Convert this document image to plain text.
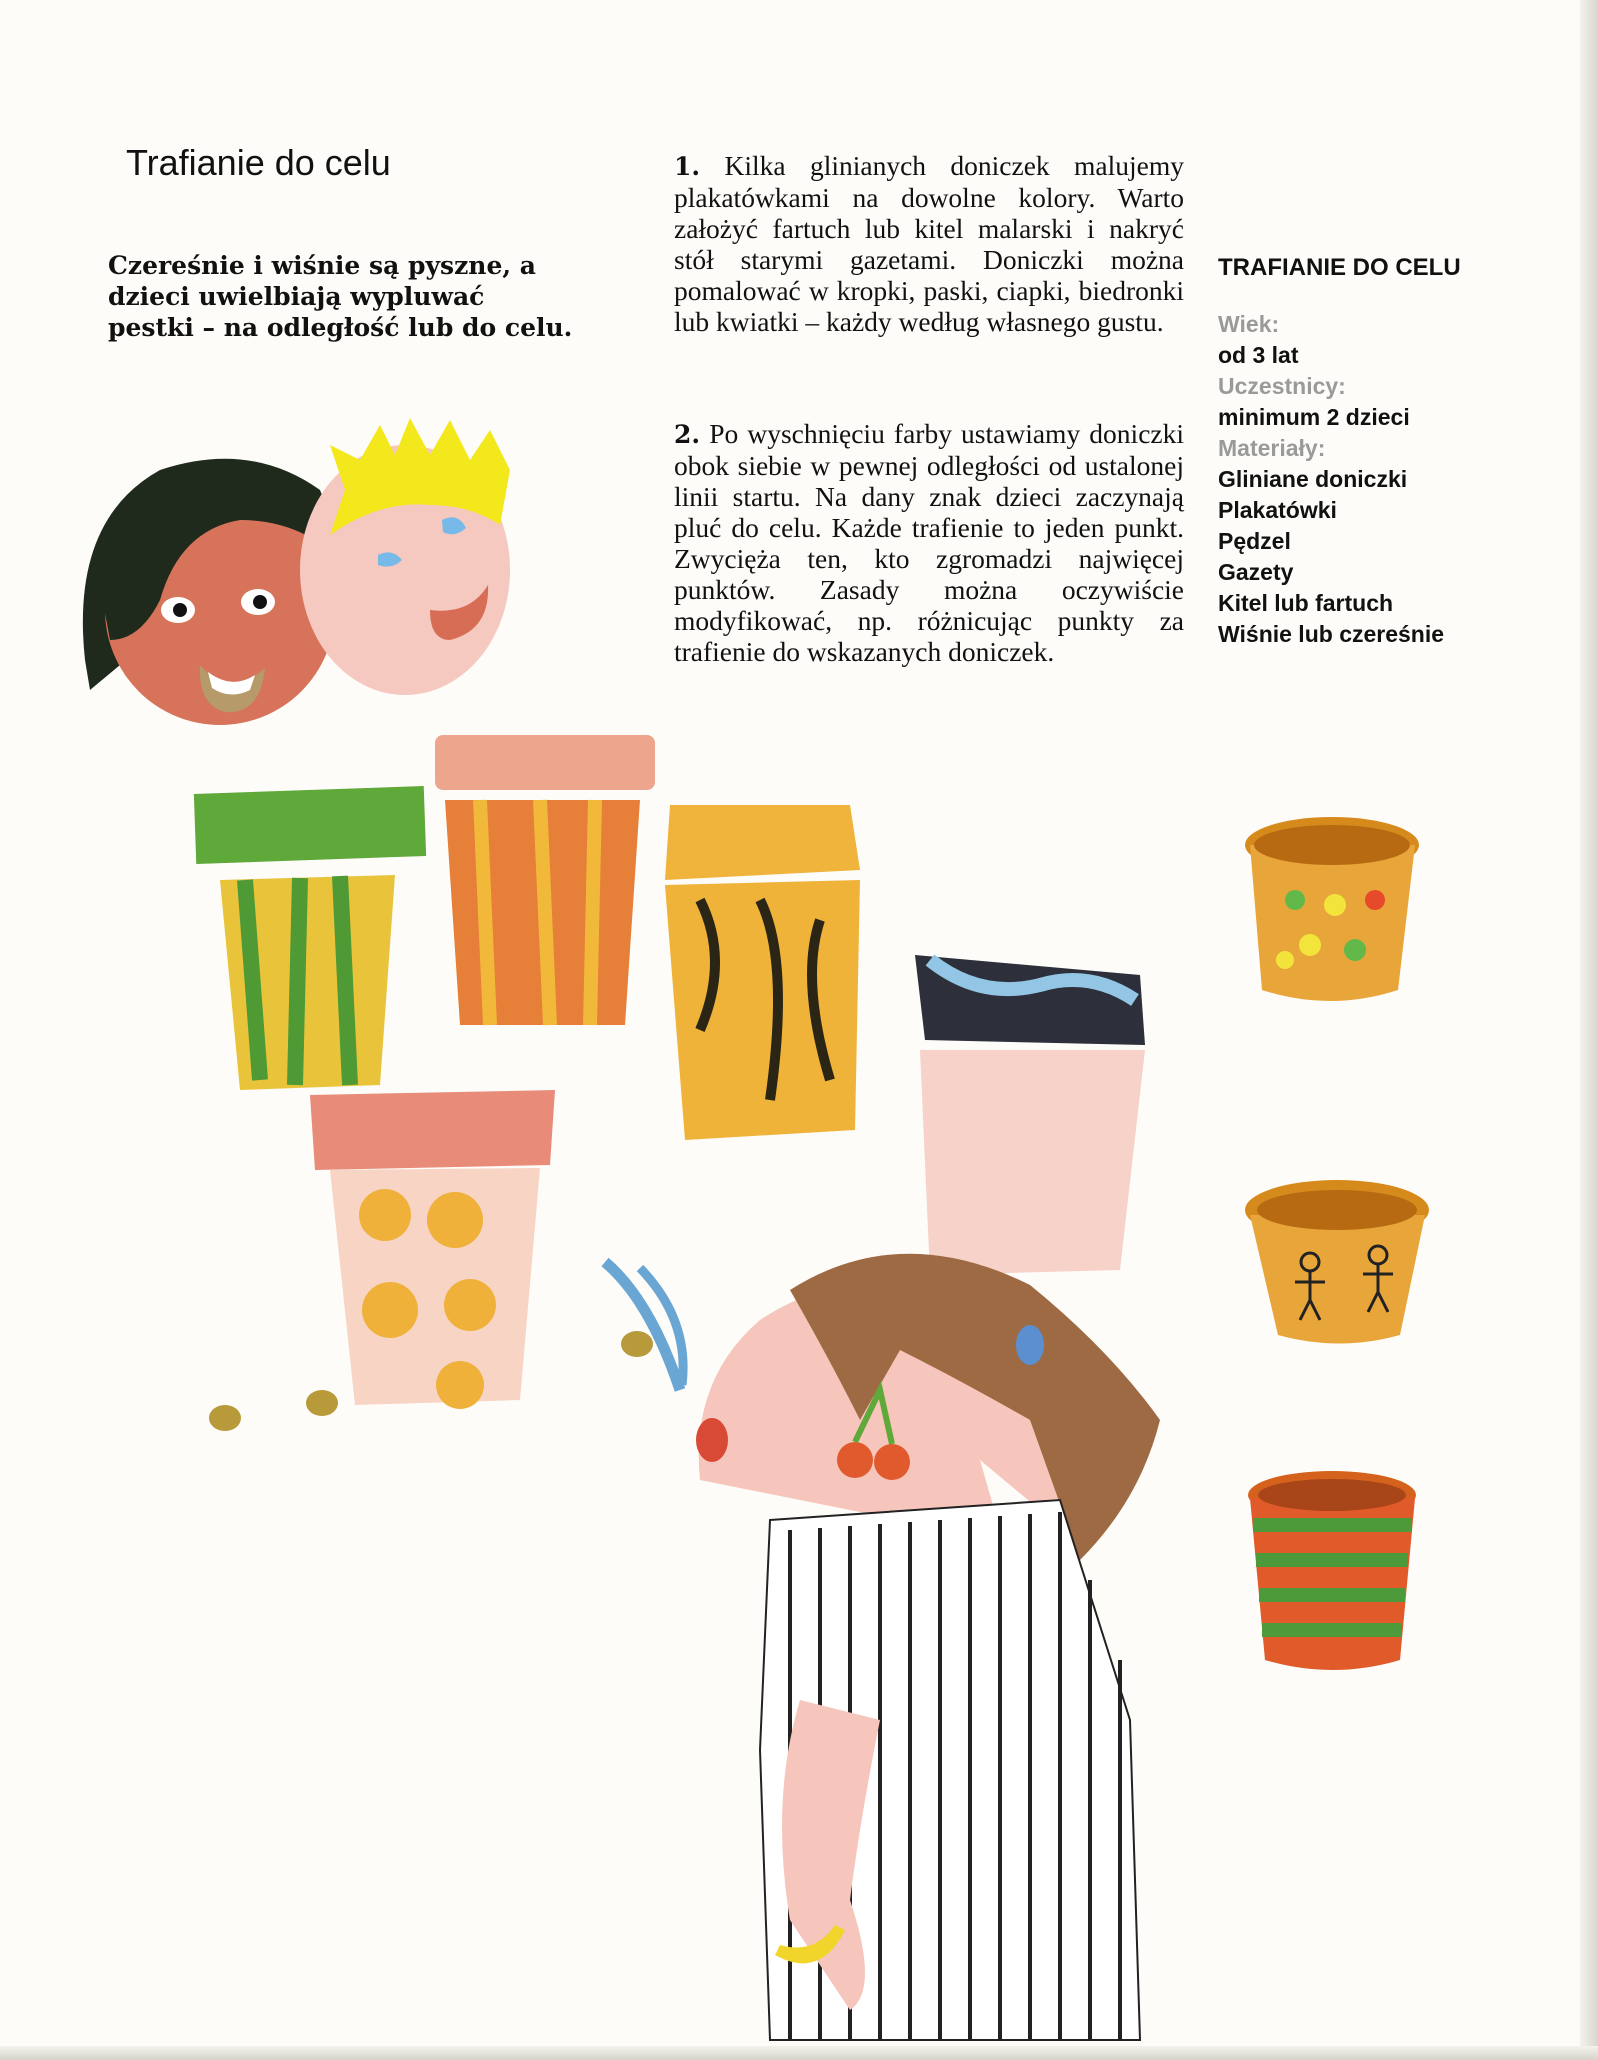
Trafianie do celu

Czereśnie i wiśnie są pyszne, a dzieci uwielbiają wypluwać pestki – na odległość lub do celu.

1. Kilka glinianych doniczek malujemy plakatówkami na dowolne kolory. Warto założyć fartuch lub kitel malarski i nakryć stół starymi gazetami. Doniczki można pomalować w kropki, paski, ciapki, biedronki lub kwiatki – każdy według własnego gustu.

2. Po wyschnięciu farby ustawiamy doniczki obok siebie w pewnej odległości od ustalonej linii startu. Na dany znak dzieci zaczynają pluć do celu. Każde trafienie to jeden punkt. Zwycięża ten, kto zgromadzi najwięcej punktów. Zasady można oczywiście modyfikować, np. różnicując punkty za trafienie do wskazanych doniczek.

TRAFIANIE DO CELU
Wiek:
od 3 lat
Uczestnicy:
minimum 2 dzieci
Materiały:
Gliniane doniczki
Plakatówki
Pędzel
Gazety
Kitel lub fartuch
Wiśnie lub czereśnie
